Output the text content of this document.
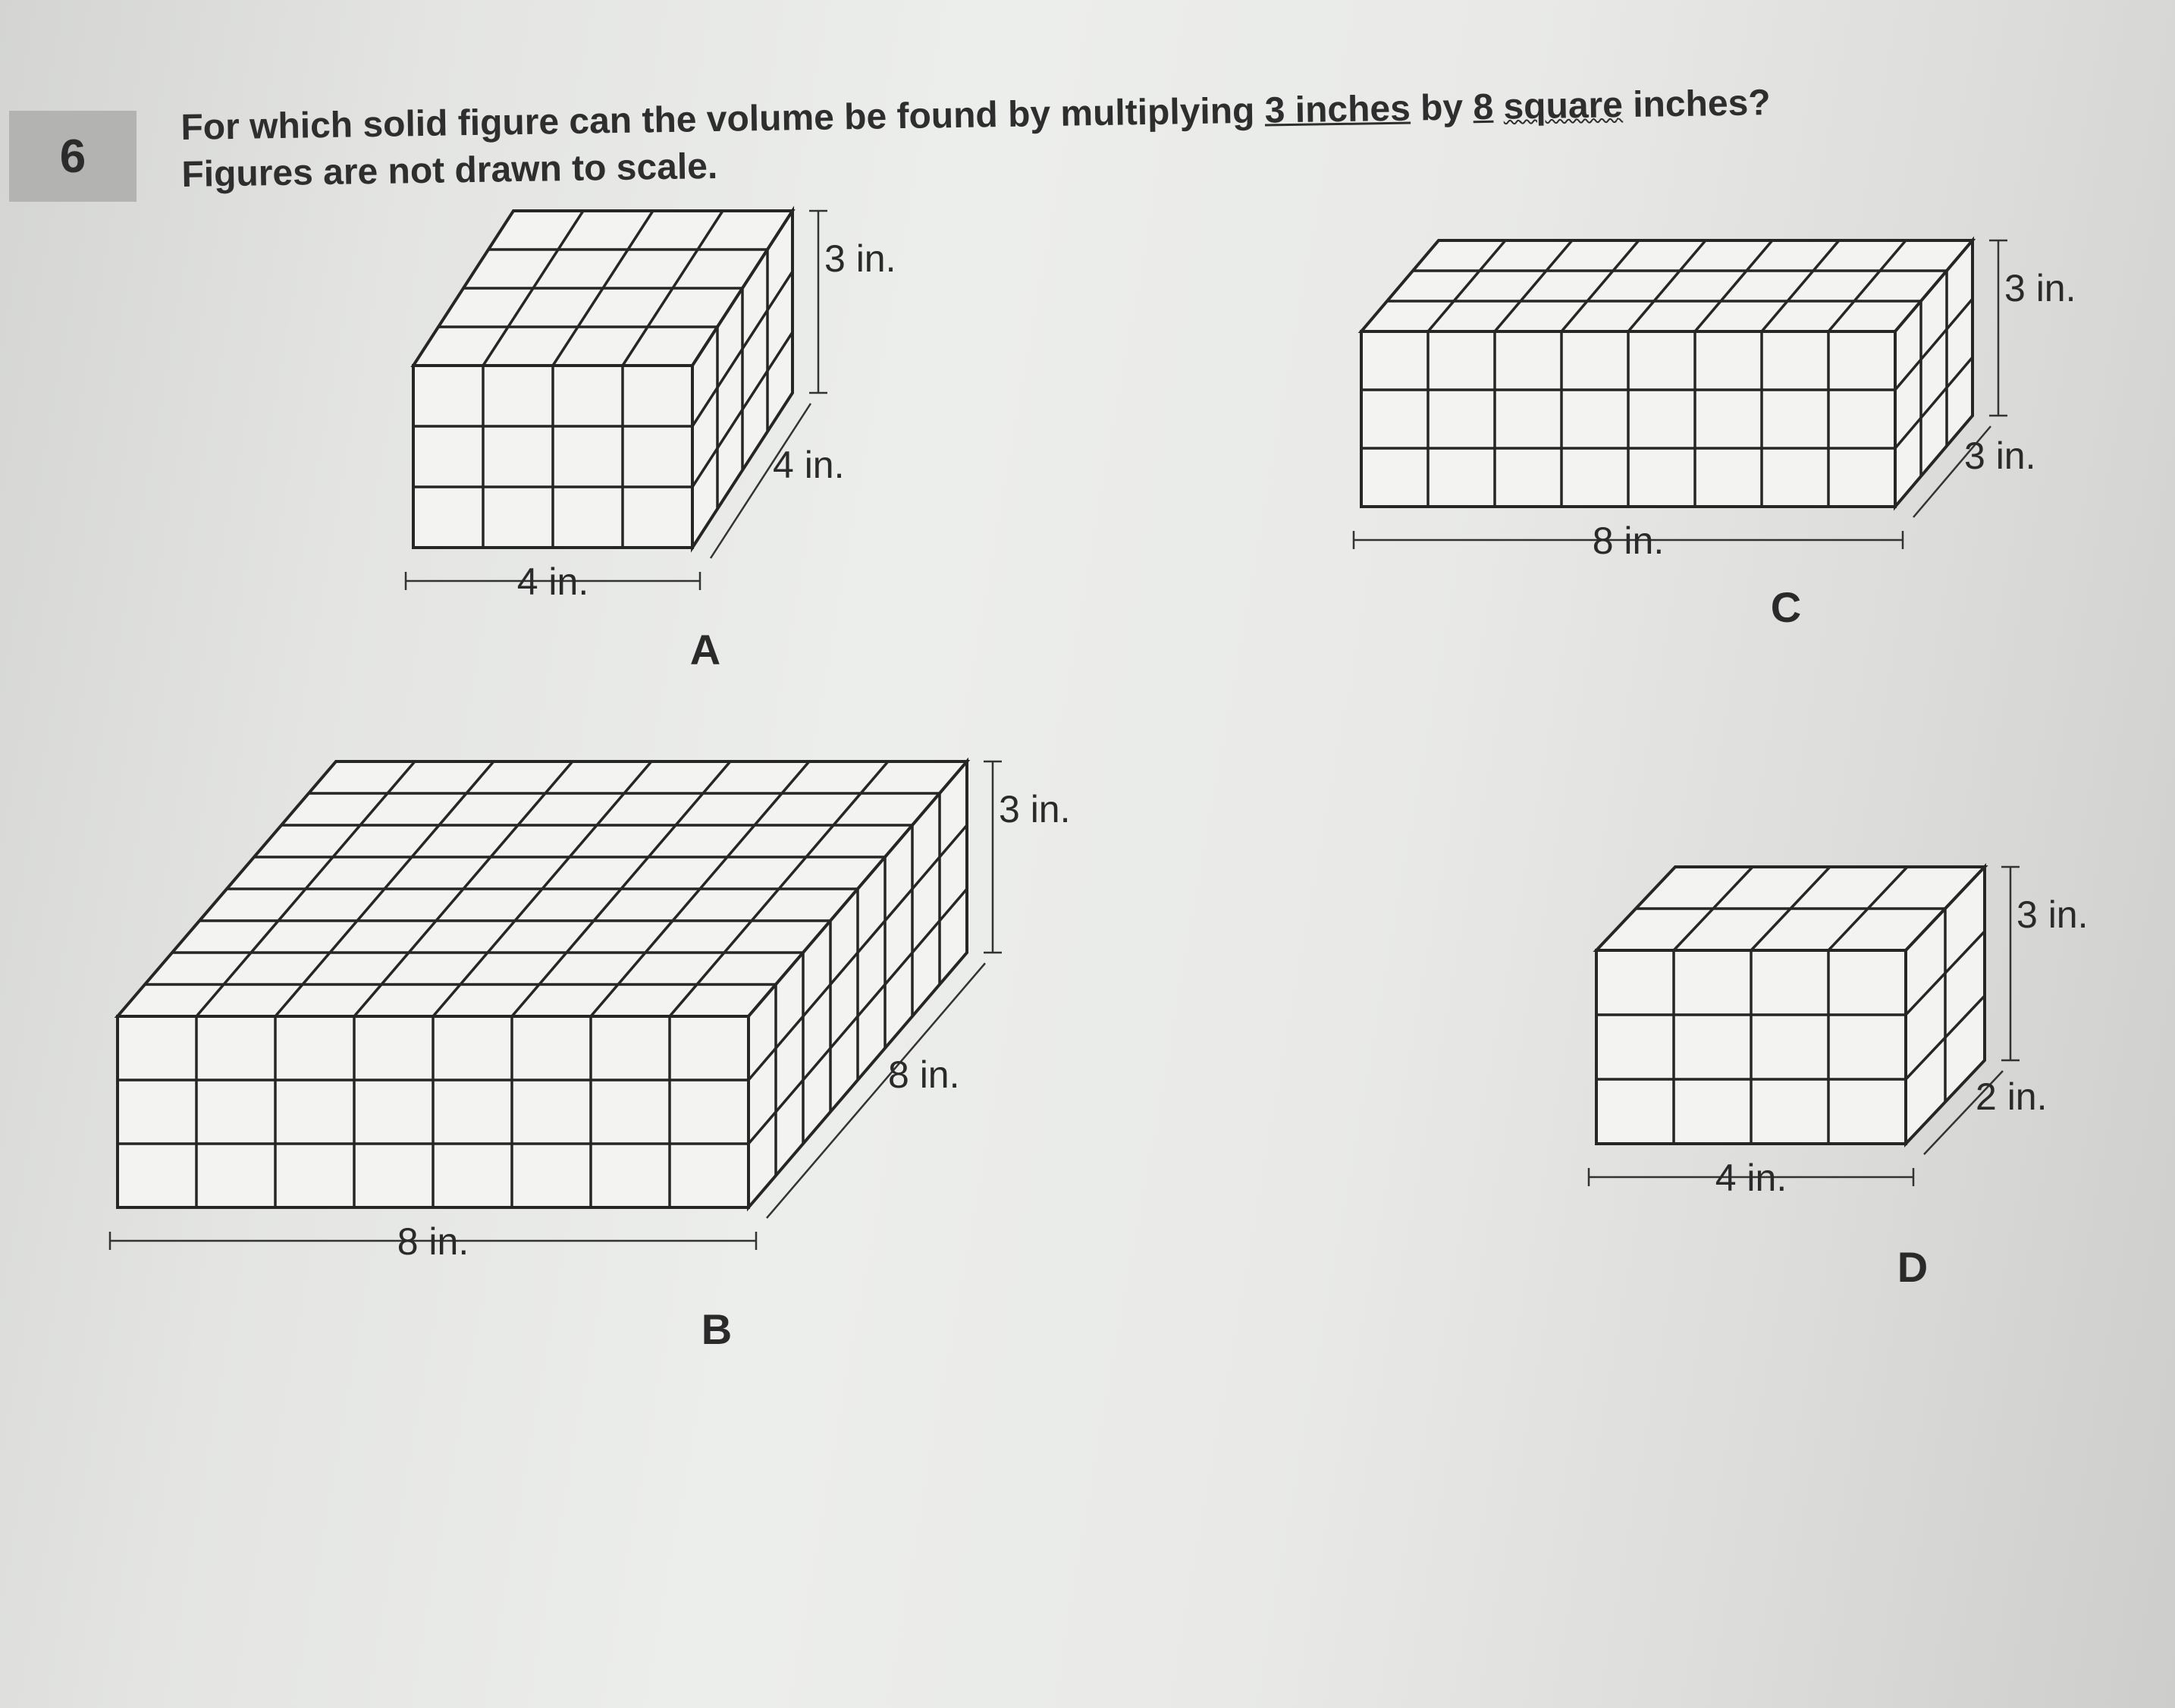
6
For which solid figure can the volume be found by multiplying 3 inches by 8 square inches?
Figures are not drawn to scale.
4 in.
4 in.
3 in.
A
8 in.
8 in.
3 in.
B
8 in.
3 in.
3 in.
C
4 in.
2 in.
3 in.
D
